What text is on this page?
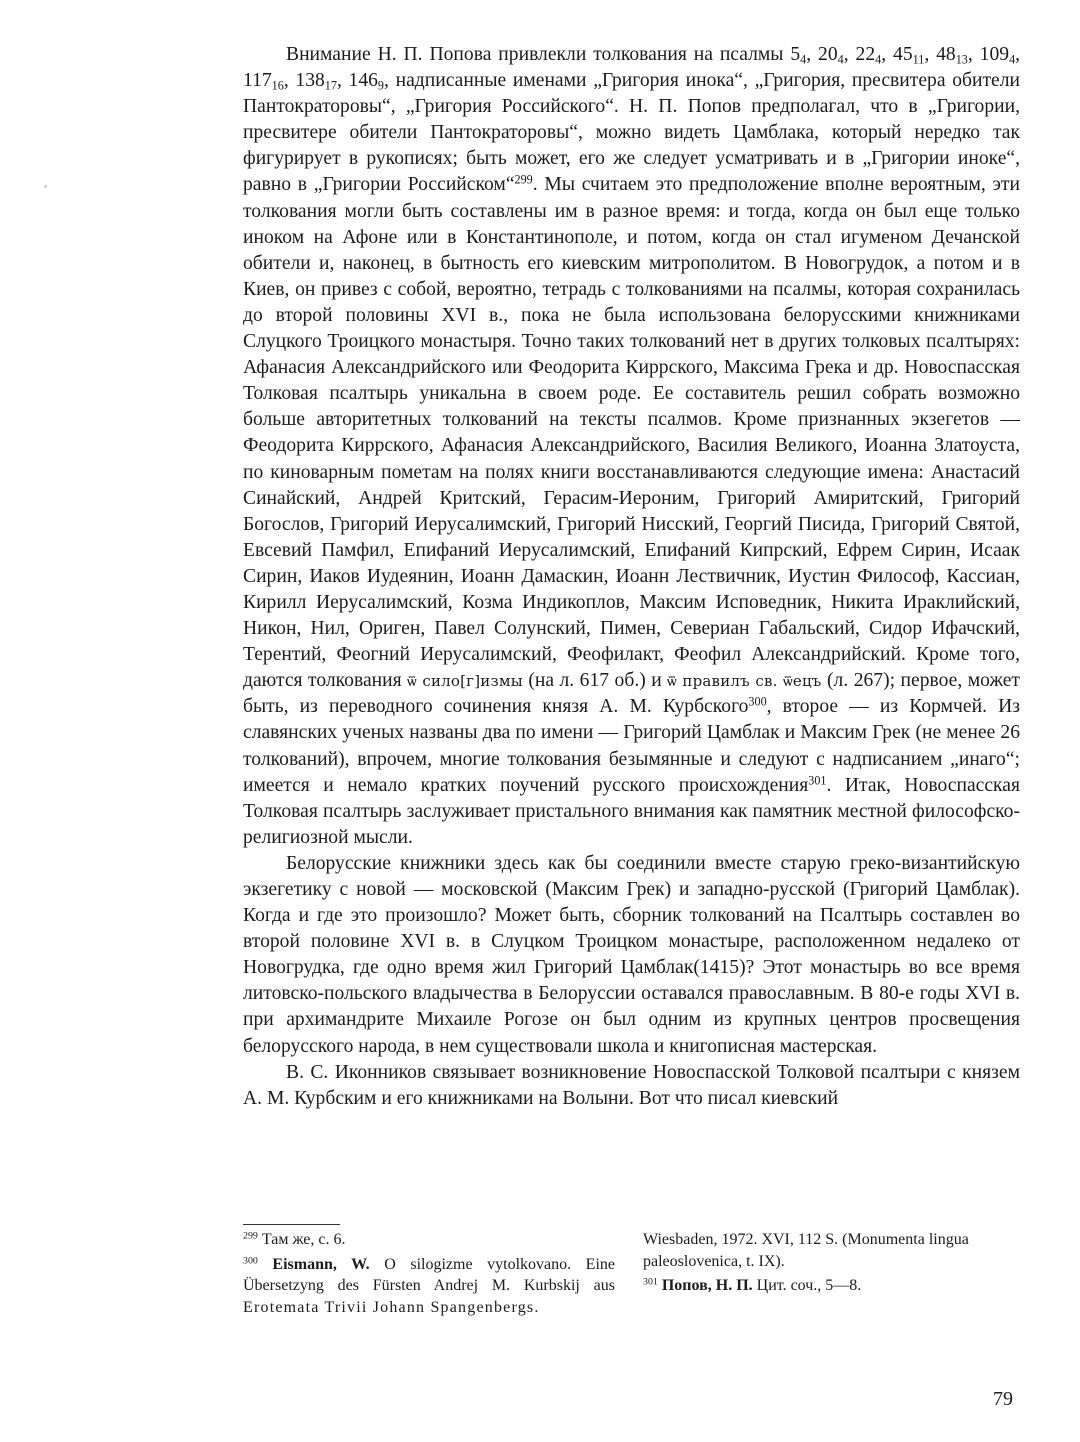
Внимание Н. П. Попова привлекли толкования на псалмы $5_4$, $20_4$, $22_4$, $45_{11}$, $48_{13}$, $109_4$, $117_{16}$, $138_{17}$, $146_9$, надписанные именами „Григория инока“, „Григория, пресвитера обители Пантократоровы“, „Григория Российского“. Н. П. Попов предполагал, что в „Григории, пресвитере обители Пантократоровы“, можно видеть Цамблака, который нередко так фигурирует в рукописях; быть может, его же следует усматривать и в „Григории иноке“, равно в „Григории Российском“$^{299}$. Мы считаем это предположение вполне вероятным, эти толкования могли быть составлены им в разное время: и тогда, когда он был еще только иноком на Афоне или в Константинополе, и потом, когда он стал игуменом Дечанской обители и, наконец, в бытность его киевским митрополитом. В Новогрудок, а потом и в Киев, он привез с собой, вероятно, тетрадь с толкованиями на псалмы, которая сохранилась до второй половины XVI в., пока не была использована белорусскими книжниками Слуцкого Троицкого монастыря. Точно таких толкований нет в других толковых псалтырях: Афанасия Александрийского или Феодорита Киррского, Максима Грека и др. Новоспасская Толковая псалтырь уникальна в своем роде. Ее составитель решил собрать возможно больше авторитетных толкований на тексты псалмов. Кроме признанных экзегетов — Феодорита Киррского, Афанасия Александрийского, Василия Великого, Иоанна Златоуста, по киноварным пометам на полях книги восстанавливаются следующие имена: Анастасий Синайский, Андрей Критский, Герасим-Иероним, Григорий Амиритский, Григорий Богослов, Григорий Иерусалимский, Григорий Нисский, Георгий Писида, Григорий Святой, Евсевий Памфил, Епифаний Иерусалимский, Епифаний Кипрский, Ефрем Сирин, Исаак Сирин, Иаков Иудеянин, Иоанн Дамаскин, Иоанн Лествичник, Иустин Философ, Кассиан, Кирилл Иерусалимский, Козма Индикоплов, Максим Исповедник, Никита Ираклийский, Никон, Нил, Ориген, Павел Солунский, Пимен, Севериан Габальский, Сидор Ифачский, Терентий, Феогний Иерусалимский, Феофилакт, Феофил Александрийский. Кроме того, даются толкования ѿ сило[г]измы (на л. 617 об.) и ѿ правилъ св. ѿецъ (л. 267); первое, может быть, из переводного сочинения князя А. М. Курбского$^{300}$, второе — из Кормчей. Из славянских ученых названы два по имени — Григорий Цамблак и Максим Грек (не менее 26 толкований), впрочем, многие толкования безымянные и следуют с надписанием „инаго“; имеется и немало кратких поучений русского происхождения$^{301}$. Итак, Новоспасская Толковая псалтырь заслуживает пристального внимания как памятник местной философско-религиозной мысли.

Белорусские книжники здесь как бы соединили вместе старую греко-византийскую экзегетику с новой — московской (Максим Грек) и западно-русской (Григорий Цамблак). Когда и где это произошло? Может быть, сборник толкований на Псалтырь составлен во второй половине XVI в. в Слуцком Троицком монастыре, расположенном недалеко от Новогрудка, где одно время жил Григорий Цамблак(1415)? Этот монастырь во все время литовско-польского владычества в Белоруссии оставался православным. В 80-е годы XVI в. при архимандрите Михаиле Рогозе он был одним из крупных центров просвещения белорусского народа, в нем существовали школа и книгописная мастерская.

В. С. Иконников связывает возникновение Новоспасской Толковой псалтыри с князем А. М. Курбским и его книжниками на Волыни. Вот что писал киевский

$^{299}$ Там же, с. 6.

$^{300}$ Eismann, W. O silogizme vytolkovano. Eine Übersetzyng des Fürsten Andrej M. Kurbskij aus Erotemata Trivii Johann Spangenbergs.

Wiesbaden, 1972. XVI, 112 S. (Monumenta lingua paleoslovenica, t. IX).

$^{301}$ Попов, Н. П. Цит. соч., 5—8.

79
